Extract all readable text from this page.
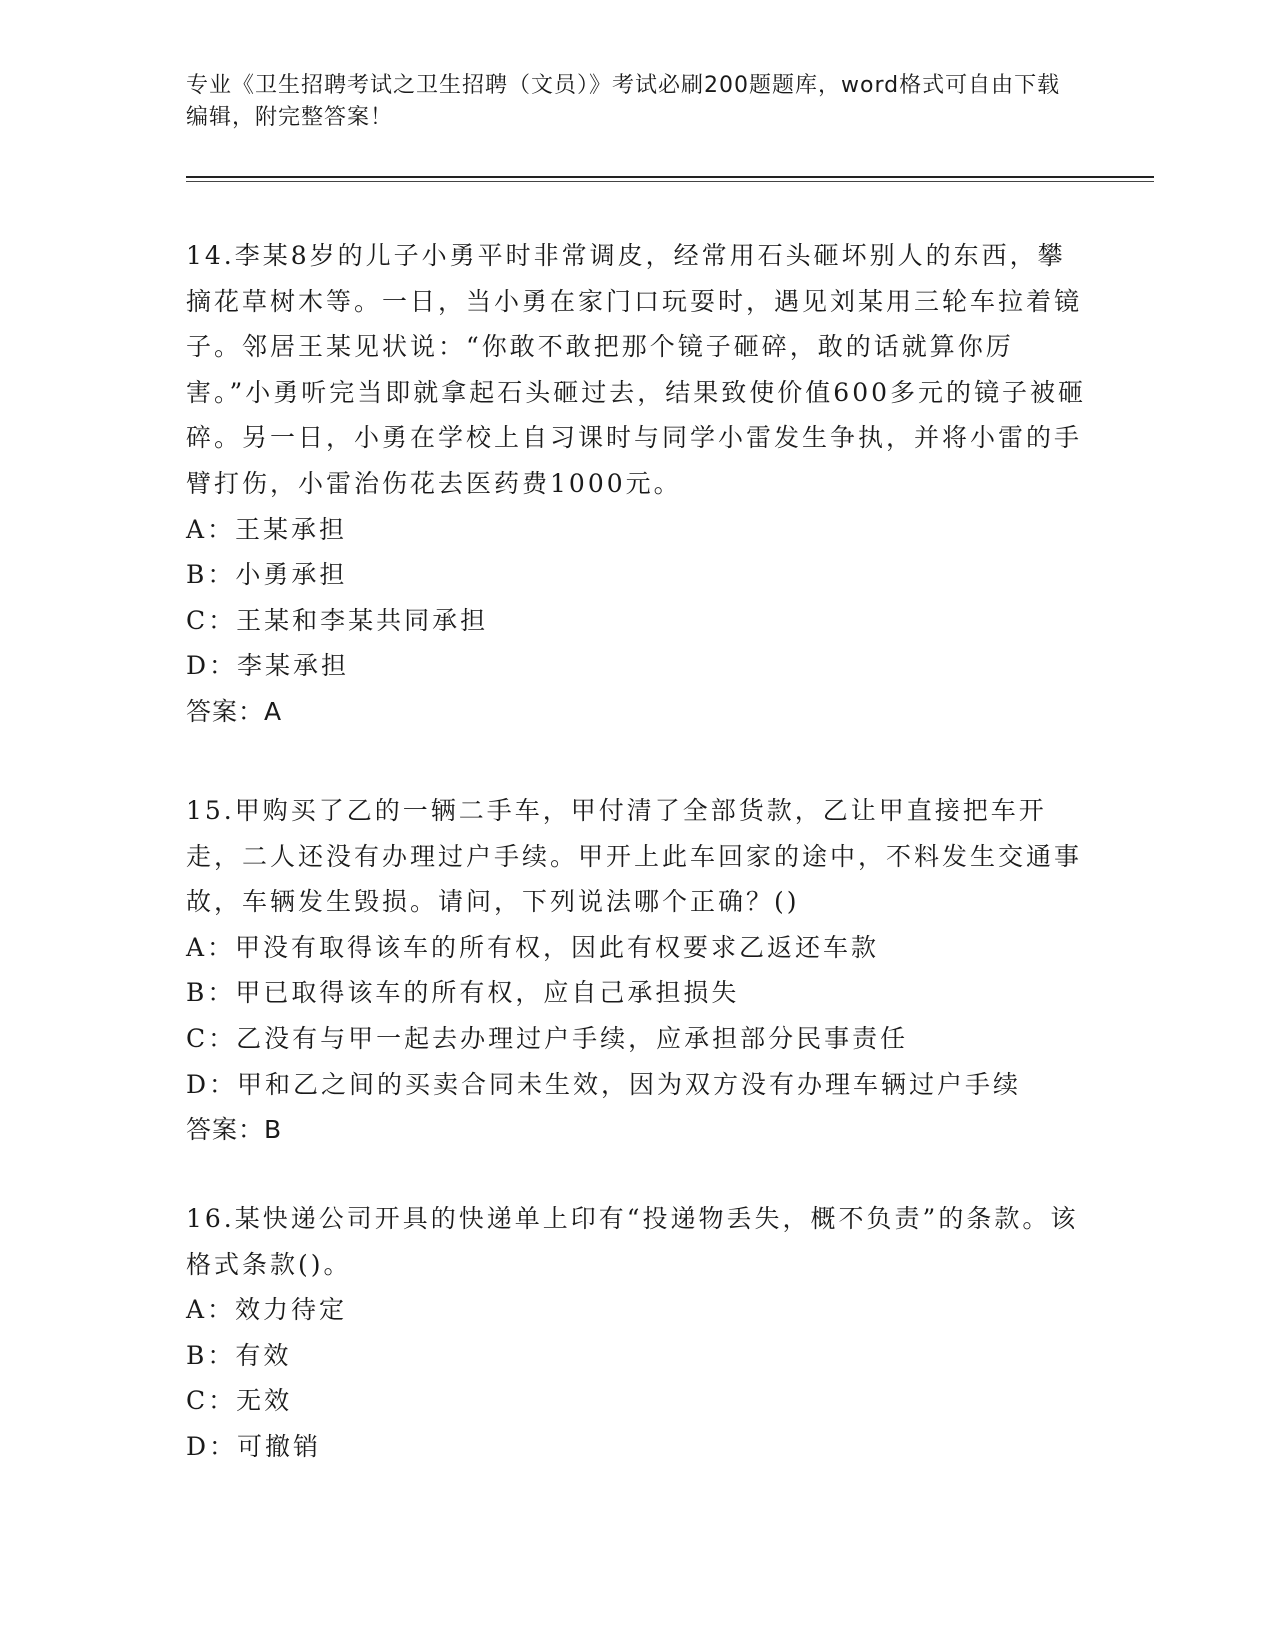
专业《卫生招聘考试之卫生招聘（文员）》考试必刷200题题库，word格式可自由下载编辑，附完整答案！

14.李某8岁的儿子小勇平时非常调皮，经常用石头砸坏别人的东西，攀摘花草树木等。一日，当小勇在家门口玩耍时，遇见刘某用三轮车拉着镜子。邻居王某见状说：“你敢不敢把那个镜子砸碎，敢的话就算你厉害。”小勇听完当即就拿起石头砸过去，结果致使价值600多元的镜子被砸碎。另一日，小勇在学校上自习课时与同学小雷发生争执，并将小雷的手臂打伤，小雷治伤花去医药费1000元。

A：王某承担
B：小勇承担
C：王某和李某共同承担
D：李某承担
答案：A

15.甲购买了乙的一辆二手车，甲付清了全部货款，乙让甲直接把车开走，二人还没有办理过户手续。甲开上此车回家的途中，不料发生交通事故，车辆发生毁损。请问，下列说法哪个正确？()

A：甲没有取得该车的所有权，因此有权要求乙返还车款
B：甲已取得该车的所有权，应自己承担损失
C：乙没有与甲一起去办理过户手续，应承担部分民事责任
D：甲和乙之间的买卖合同未生效，因为双方没有办理车辆过户手续
答案：B

16.某快递公司开具的快递单上印有“投递物丢失，概不负责”的条款。该格式条款()。

A：效力待定
B：有效
C：无效
D：可撤销
